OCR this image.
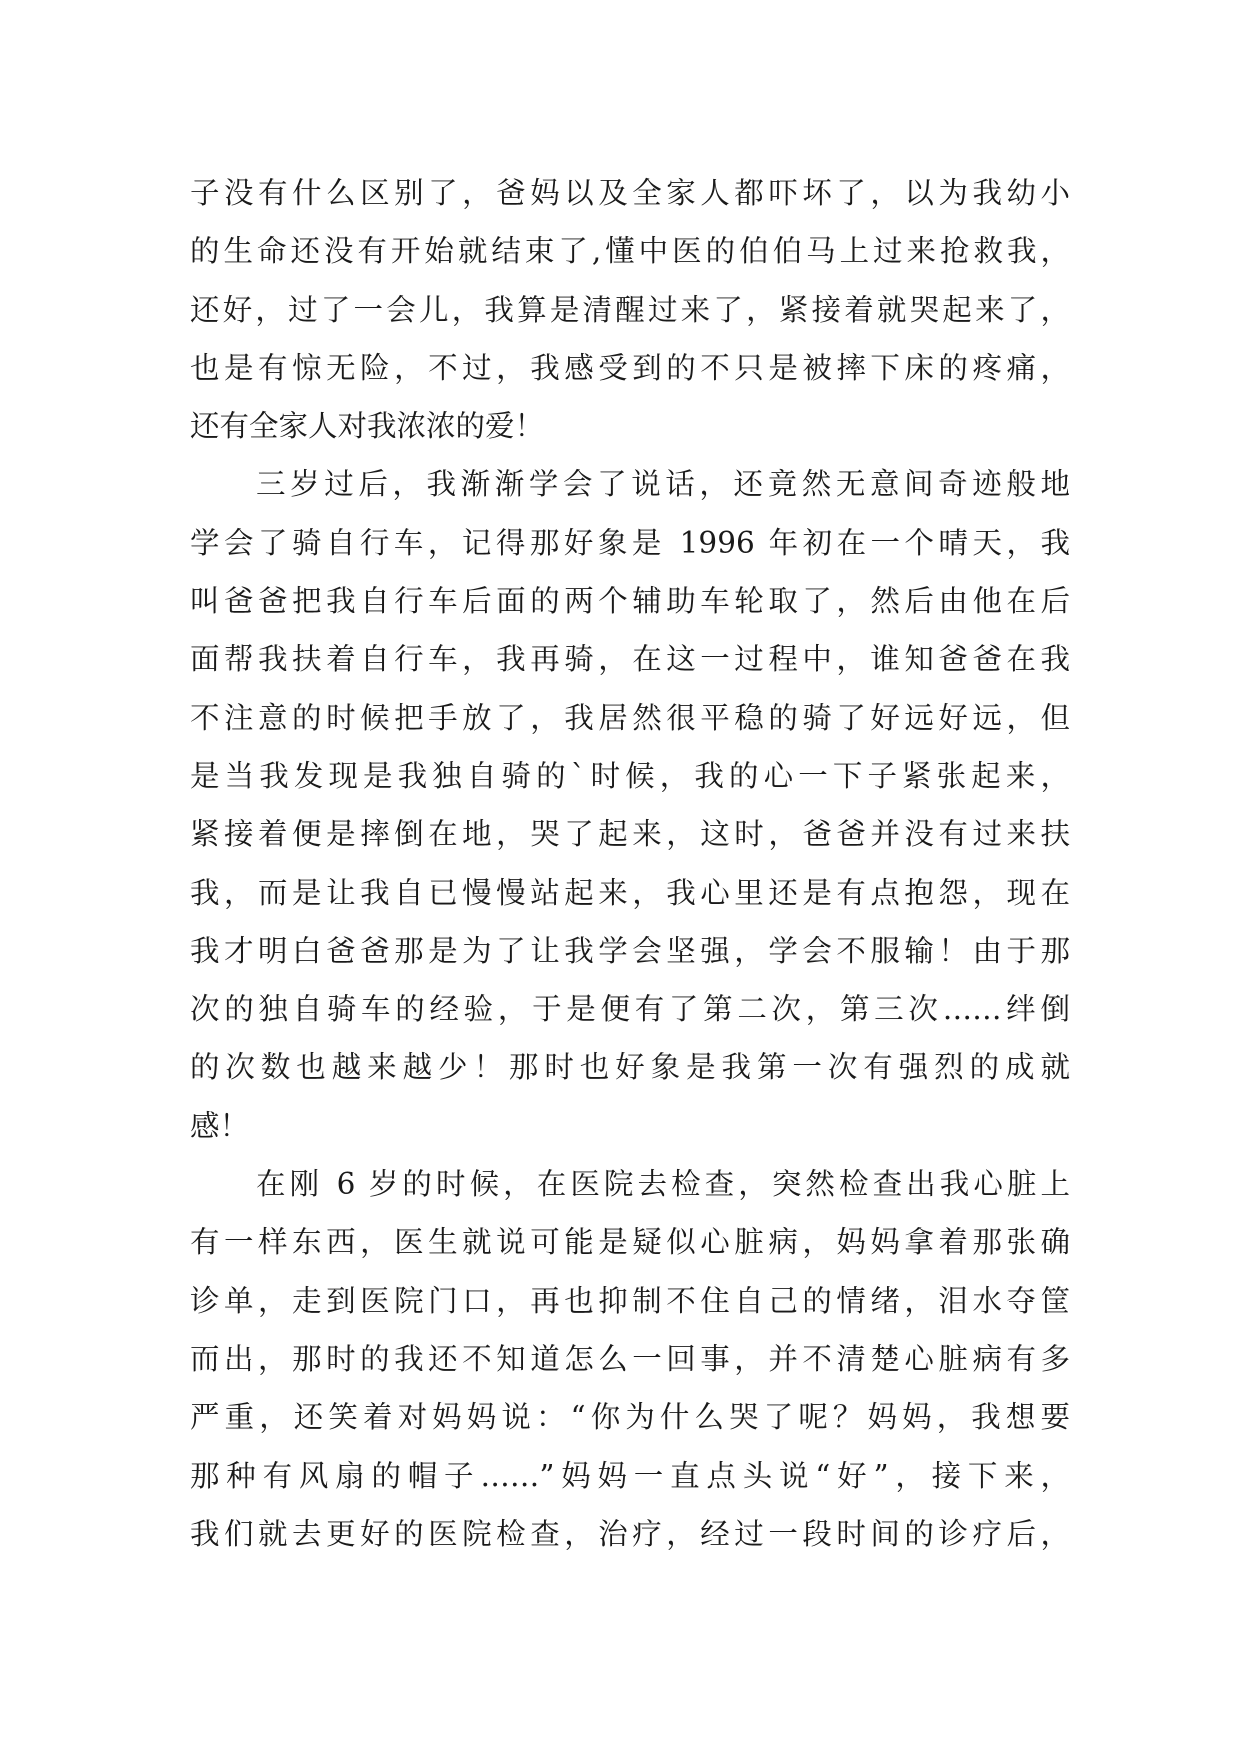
子没有什么区别了，爸妈以及全家人都吓坏了，以为我幼小
的生命还没有开始就结束了,懂中医的伯伯马上过来抢救我，
还好，过了一会儿，我算是清醒过来了，紧接着就哭起来了，
也是有惊无险，不过，我感受到的不只是被摔下床的疼痛，
还有全家人对我浓浓的爱！
三岁过后，我渐渐学会了说话，还竟然无意间奇迹般地
学会了骑自行车，记得那好象是 1996 年初在一个晴天，我
叫爸爸把我自行车后面的两个辅助车轮取了，然后由他在后
面帮我扶着自行车，我再骑，在这一过程中，谁知爸爸在我
不注意的时候把手放了，我居然很平稳的骑了好远好远，但
是当我发现是我独自骑的`时候，我的心一下子紧张起来，
紧接着便是摔倒在地，哭了起来，这时，爸爸并没有过来扶
我，而是让我自已慢慢站起来，我心里还是有点抱怨，现在
我才明白爸爸那是为了让我学会坚强，学会不服输！由于那
次的独自骑车的经验，于是便有了第二次，第三次……绊倒
的次数也越来越少！那时也好象是我第一次有强烈的成就
感！
在刚 6 岁的时候，在医院去检查，突然检查出我心脏上
有一样东西，医生就说可能是疑似心脏病，妈妈拿着那张确
诊单，走到医院门口，再也抑制不住自己的情绪，泪水夺筐
而出，那时的我还不知道怎么一回事，并不清楚心脏病有多
严重，还笑着对妈妈说：“你为什么哭了呢？妈妈，我想要
那种有风扇的帽子……”妈妈一直点头说“好”，接下来，
我们就去更好的医院检查，治疗，经过一段时间的诊疗后，
